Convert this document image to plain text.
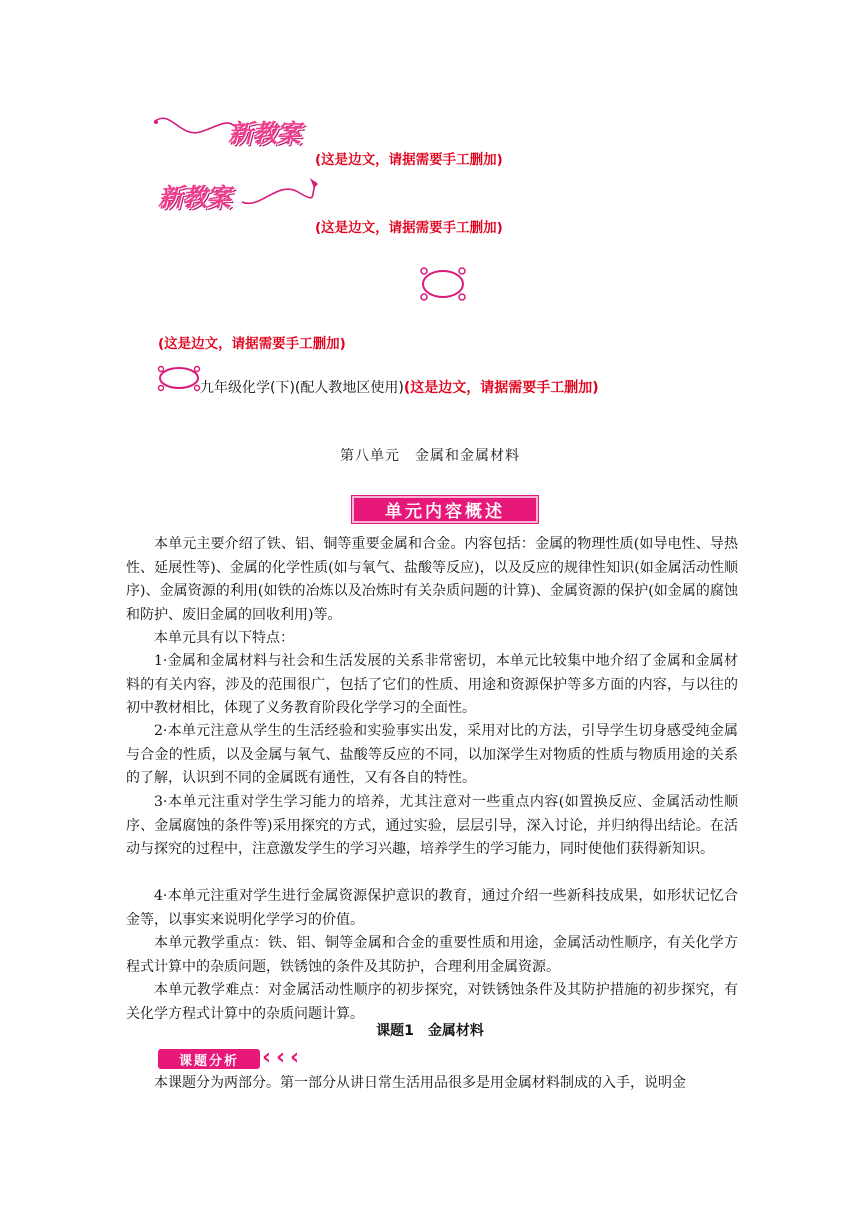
新教案
(这是边文，请据需要手工删加)
新教案
(这是边文，请据需要手工删加)
(这是边文，请据需要手工删加)
九年级化学(下)(配人教地区使用)(这是边文，请据需要手工删加)
第八单元　金属和金属材料
单元内容概述

本单元主要介绍了铁、铝、铜等重要金属和合金。内容包括：金属的物理性质(如导电性、导热性、延展性等)、金属的化学性质(如与氧气、盐酸等反应)，以及反应的规律性知识(如金属活动性顺序)、金属资源的利用(如铁的冶炼以及冶炼时有关杂质问题的计算)、金属资源的保护(如金属的腐蚀和防护、废旧金属的回收利用)等。

本单元具有以下特点：

1·金属和金属材料与社会和生活发展的关系非常密切，本单元比较集中地介绍了金属和金属材料的有关内容，涉及的范围很广，包括了它们的性质、用途和资源保护等多方面的内容，与以往的初中教材相比，体现了义务教育阶段化学学习的全面性。

2·本单元注意从学生的生活经验和实验事实出发，采用对比的方法，引导学生切身感受纯金属与合金的性质，以及金属与氧气、盐酸等反应的不同，以加深学生对物质的性质与物质用途的关系的了解，认识到不同的金属既有通性，又有各自的特性。

3·本单元注重对学生学习能力的培养，尤其注意对一些重点内容(如置换反应、金属活动性顺序、金属腐蚀的条件等)采用探究的方式，通过实验，层层引导，深入讨论，并归纳得出结论。在活动与探究的过程中，注意激发学生的学习兴趣，培养学生的学习能力，同时使他们获得新知识。

4·本单元注重对学生进行金属资源保护意识的教育，通过介绍一些新科技成果，如形状记忆合金等，以事实来说明化学学习的价值。

本单元教学重点：铁、铝、铜等金属和合金的重要性质和用途，金属活动性顺序，有关化学方程式计算中的杂质问题，铁锈蚀的条件及其防护，合理利用金属资源。

本单元教学难点：对金属活动性顺序的初步探究，对铁锈蚀条件及其防护措施的初步探究，有关化学方程式计算中的杂质问题计算。

课题1　金属材料
课题分析 ‹ ‹ ‹

本课题分为两部分。第一部分从讲日常生活用品很多是用金属材料制成的入手，说明金
